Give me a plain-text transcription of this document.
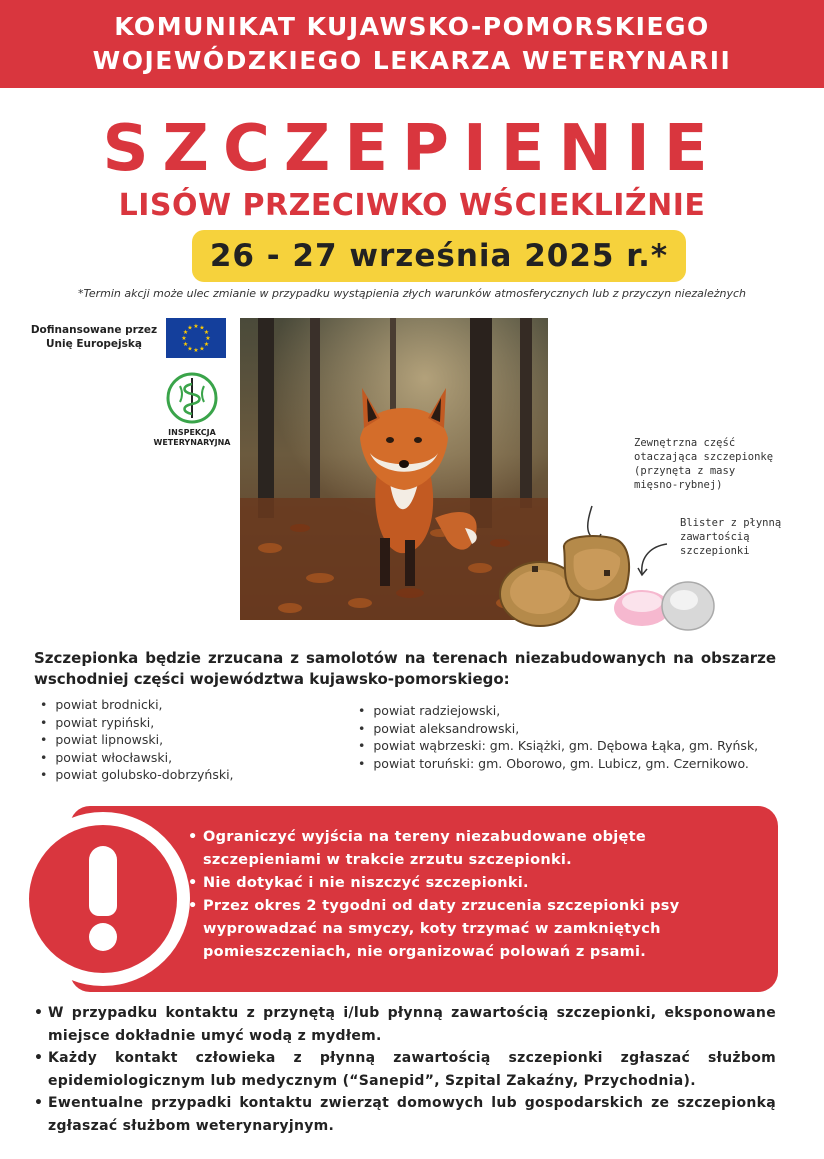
KOMUNIKAT KUJAWSKO-POMORSKIEGO
WOJEWÓDZKIEGO LEKARZA WETERYNARII
SZCZEPIENIE
LISÓW PRZECIWKO WŚCIEKLIŹNIE
26 - 27 września 2025 r.*
*Termin akcji może ulec zmianie w przypadku wystąpienia złych warunków atmosferycznych lub z przyczyn niezależnych
Dofinansowane przez
Unię Europejską
★ ★
★
★
★
★
★
★
★
★
★
★
INSPEKCJA
WETERYNARYJNA	Zewnętrzna część
otaczająca szczepionkę
(przynęta z masy
mięsno-rybnej)
Blister z płynną
zawartością
szczepionki
Szczepionka będzie zrzucana z samolotów na terenach niezabudowanych na obszarze wschodniej części województwa kujawsko-pomorskiego:
• powiat brodnicki,
• powiat rypiński,
• powiat lipnowski,
• powiat włocławski,
• powiat golubsko-dobrzyński,
• powiat radziejowski,
• powiat aleksandrowski,
• powiat wąbrzeski: gm. Książki, gm. Dębowa Łąka, gm. Ryńsk,
• powiat toruński: gm. Oborowo, gm. Lubicz, gm. Czernikowo.
• Ograniczyć wyjścia na tereny niezabudowane objęte szczepieniami w trakcie zrzutu szczepionki.
• Nie dotykać i nie niszczyć szczepionki.
• Przez okres 2 tygodni od daty zrzucenia szczepionki psy wyprowadzać na smyczy, koty trzymać w zamkniętych pomieszczeniach, nie organizować polowań z psami.
• W przypadku kontaktu z przynętą i/lub płynną zawartością szczepionki, eksponowane miejsce dokładnie umyć wodą z mydłem.
• Każdy kontakt człowieka z płynną zawartością szczepionki zgłaszać służbom epidemiologicznym lub medycznym (“Sanepid”, Szpital Zakaźny, Przychodnia).
• Ewentualne przypadki kontaktu zwierząt domowych lub gospodarskich ze szczepionką zgłaszać służbom weterynaryjnym.
